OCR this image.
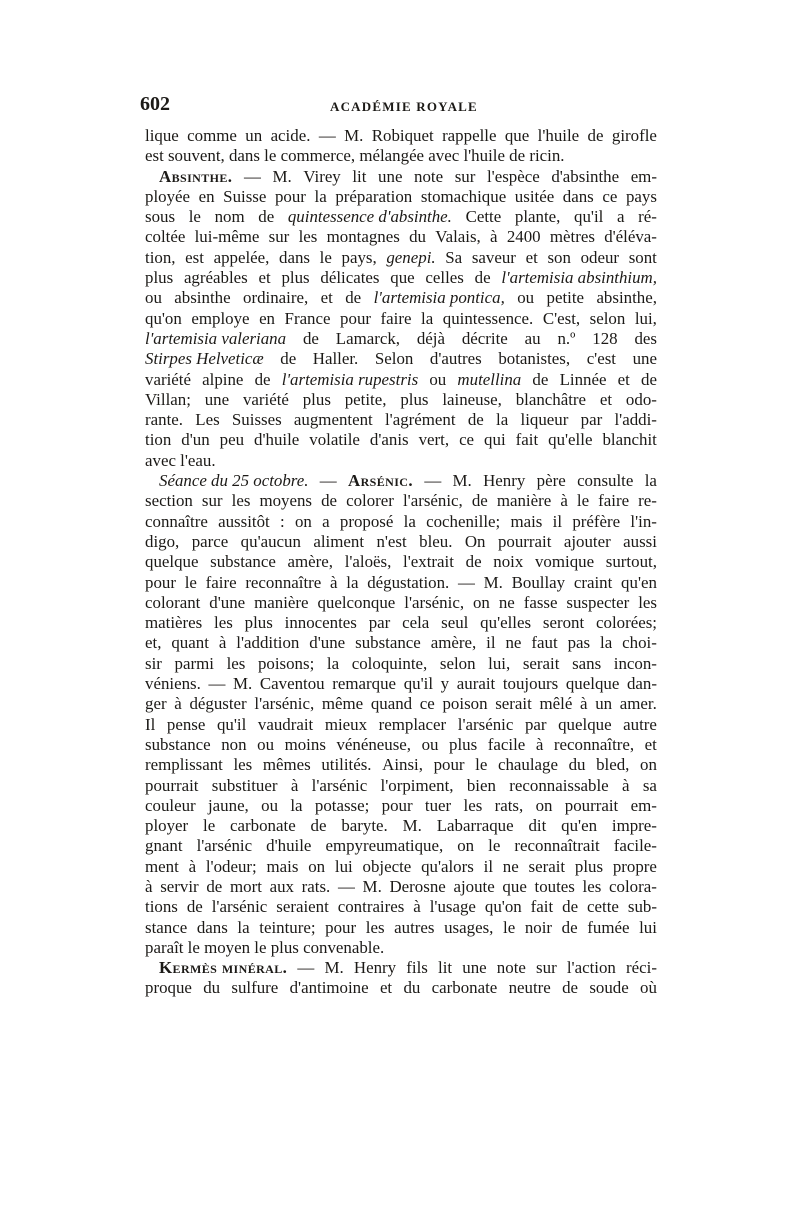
602	ACADÉMIE ROYALE
lique comme un acide. — M. Robiquet rappelle que l'huile de girofle
est souvent, dans le commerce, mélangée avec l'huile de ricin.
Absinthe. — M. Virey lit une note sur l'espèce d'absinthe em-
ployée en Suisse pour la préparation stomachique usitée dans ce pays
sous le nom de quintessence d'absinthe. Cette plante, qu'il a ré-
coltée lui-même sur les montagnes du Valais, à 2400 mètres d'éléva-
tion, est appelée, dans le pays, genepi. Sa saveur et son odeur sont
plus agréables et plus délicates que celles de l'artemisia absinthium,
ou absinthe ordinaire, et de l'artemisia pontica, ou petite absinthe,
qu'on employe en France pour faire la quintessence. C'est, selon lui,
l'artemisia valeriana de Lamarck, déjà décrite au n.º 128 des
Stirpes Helveticæ de Haller. Selon d'autres botanistes, c'est une
variété alpine de l'artemisia rupestris ou mutellina de Linnée et de
Villan; une variété plus petite, plus laineuse, blanchâtre et odo-
rante. Les Suisses augmentent l'agrément de la liqueur par l'addi-
tion d'un peu d'huile volatile d'anis vert, ce qui fait qu'elle blanchit
avec l'eau.
Séance du 25 octobre. — Arsénic. — M. Henry père consulte la
section sur les moyens de colorer l'arsénic, de manière à le faire re-
connaître aussitôt : on a proposé la cochenille; mais il préfère l'in-
digo, parce qu'aucun aliment n'est bleu. On pourrait ajouter aussi
quelque substance amère, l'aloës, l'extrait de noix vomique surtout,
pour le faire reconnaître à la dégustation. — M. Boullay craint qu'en
colorant d'une manière quelconque l'arsénic, on ne fasse suspecter les
matières les plus innocentes par cela seul qu'elles seront colorées;
et, quant à l'addition d'une substance amère, il ne faut pas la choi-
sir parmi les poisons; la coloquinte, selon lui, serait sans incon-
véniens. — M. Caventou remarque qu'il y aurait toujours quelque dan-
ger à déguster l'arsénic, même quand ce poison serait mêlé à un amer.
Il pense qu'il vaudrait mieux remplacer l'arsénic par quelque autre
substance non ou moins vénéneuse, ou plus facile à reconnaître, et
remplissant les mêmes utilités. Ainsi, pour le chaulage du bled, on
pourrait substituer à l'arsénic l'orpiment, bien reconnaissable à sa
couleur jaune, ou la potasse; pour tuer les rats, on pourrait em-
ployer le carbonate de baryte. M. Labarraque dit qu'en impre-
gnant l'arsénic d'huile empyreumatique, on le reconnaîtrait facile-
ment à l'odeur; mais on lui objecte qu'alors il ne serait plus propre
à servir de mort aux rats. — M. Derosne ajoute que toutes les colora-
tions de l'arsénic seraient contraires à l'usage qu'on fait de cette sub-
stance dans la teinture; pour les autres usages, le noir de fumée lui
paraît le moyen le plus convenable.
Kermès minéral. — M. Henry fils lit une note sur l'action réci-
proque du sulfure d'antimoine et du carbonate neutre de soude où
